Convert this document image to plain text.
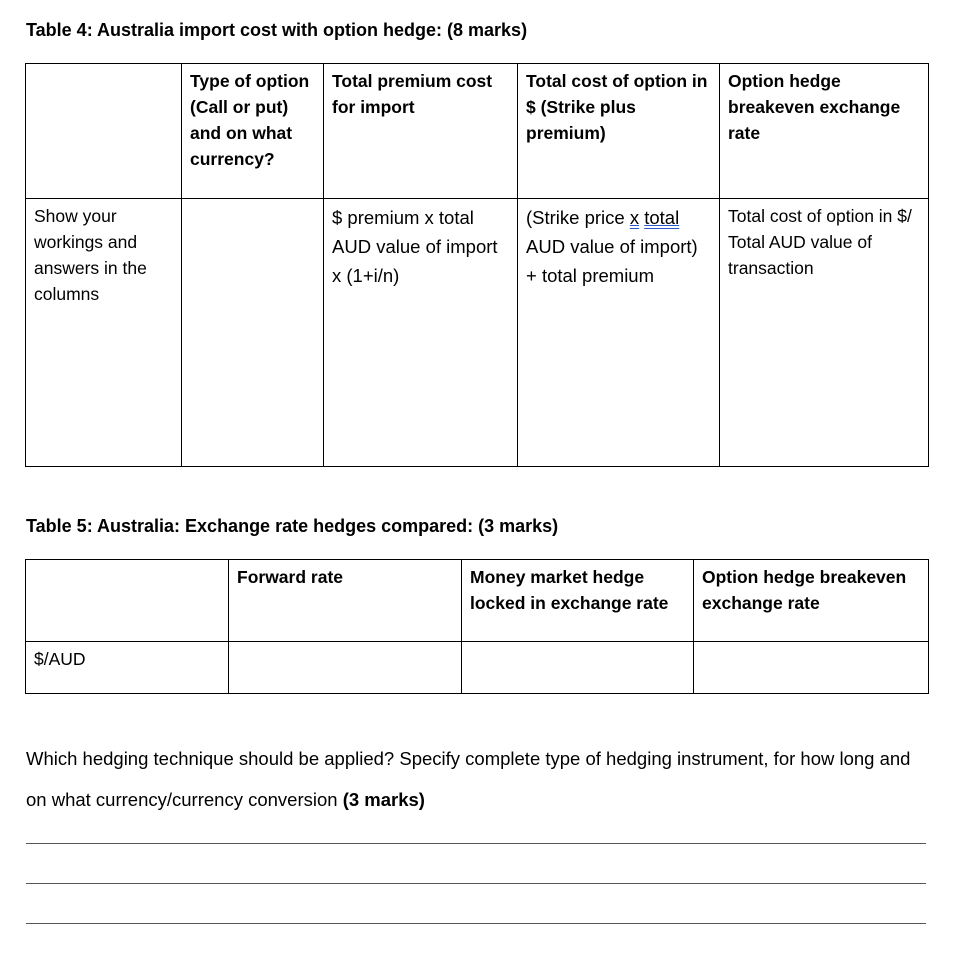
Table 4: Australia import cost with option hedge: (8 marks)

	Type of option (Call or put) and on what currency?	Total premium cost for import	Total cost of option in $ (Strike plus premium)	Option hedge breakeven exchange rate

Show your workings and answers in the columns		$ premium x total AUD value of import x (1+i/n)	(Strike price x total AUD value of import) + total premium	Total cost of option in $/ Total AUD value of transaction
Table 5: Australia: Exchange rate hedges compared: (3 marks)

	Forward rate	Money market hedge locked in exchange rate	Option hedge breakeven exchange rate

$/AUD			

Which hedging technique should be applied? Specify complete type of hedging instrument, for how long and on what currency/currency conversion (3 marks)
